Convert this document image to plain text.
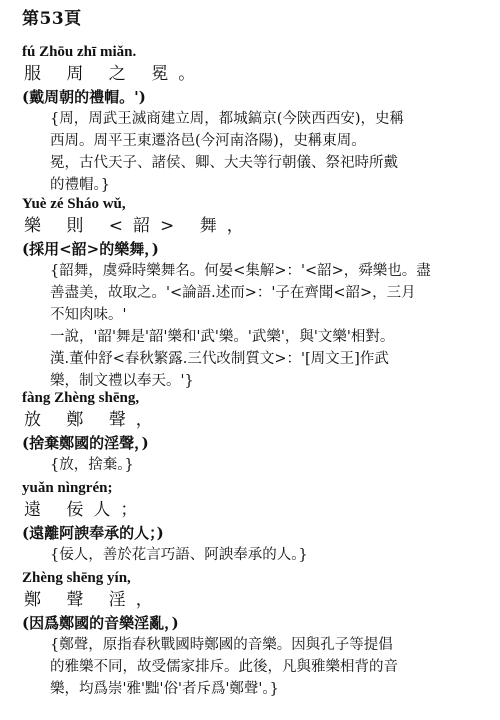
第53頁
fú Zhōu zhī miǎn.
服 周 之 冕。
(戴周朝的禮帽。')
{周，周武王滅商建立周，都城鎬京(今陝西西安)，史稱
西周。周平王東遷洛邑(今河南洛陽)，史稱東周。
冕，古代天子、諸侯、卿、大夫等行朝儀、祭祀時所戴
的禮帽。}
Yuè zé Sháo wǔ,
樂 則 <韶> 舞，
(採用<韶>的樂舞，)
{韶舞，虞舜時樂舞名。何晏<集解>：'<韶>，舜樂也。盡
善盡美，故取之。'<論語.述而>：'子在齊聞<韶>，三月
不知肉味。'
一說，'韶'舞是'韶'樂和'武'樂。'武樂'，與'文樂'相對。
漢.董仲舒<春秋繁露.三代改制質文>：'[周文王]作武
樂，制文禮以奉天。'}
fàng Zhèng shēng,
放 鄭 聲，
(捨棄鄭國的淫聲，)
{放，捨棄。}
yuǎn nìngrén;
遠 佞人；
(遠離阿諛奉承的人；)
{佞人，善於花言巧語、阿諛奉承的人。}
Zhèng shēng yín,
鄭 聲 淫，
(因爲鄭國的音樂淫亂，)
{鄭聲，原指春秋戰國時鄭國的音樂。因與孔子等提倡
的雅樂不同，故受儒家排斥。此後，凡與雅樂相背的音
樂，均爲崇'雅'黜'俗'者斥爲'鄭聲'。}
